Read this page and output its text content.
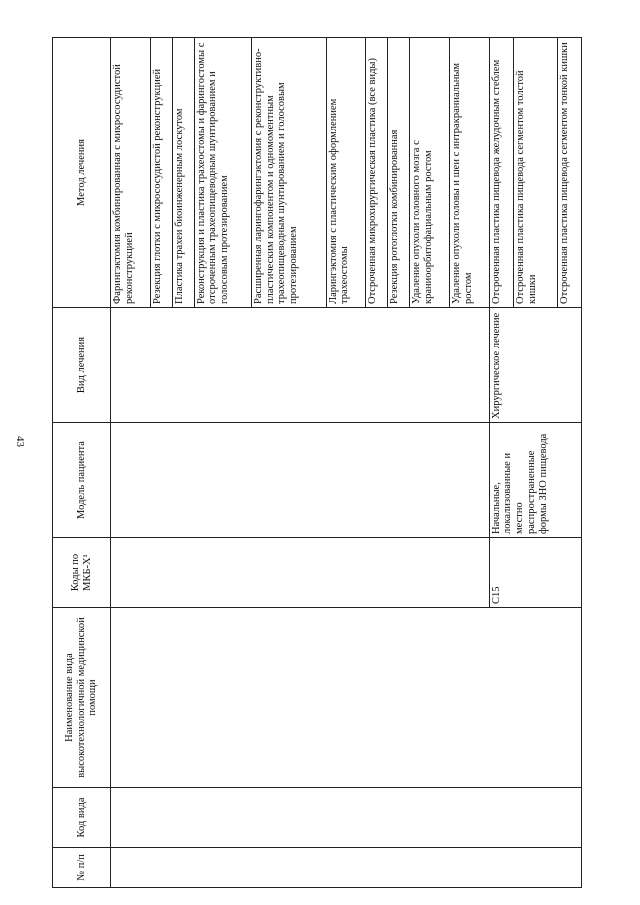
43
№ п/п	Код вида	Наименование вида высокотехнологичной медицинской помощи	Коды по МКБ-X¹	Модель пациента	Вид лечения	Метод лечения
						Фарингэктомия комбинированная с микрососудистой реконструкцией
						Резекция глотки с микрососудистой реконструкцией
						Пластика трахеи биоинженерным лоскутом
						Реконструкция и пластика трахеостомы и фарингостомы с отсроченным трахеопищеводным шунтированием и голосовым протезированием
						Расширенная ларингофарингэктомия с реконструктивно-пластическим компонентом и одномоментным трахеопищеводным шунтированием и голосовым протезированием
						Ларингэктомия с пластическим оформлением трахеостомы
						Отсроченная микрохирургическая пластика (все виды)
						Резекция ротоглотки комбинированная
						Удаление опухоли головного мозга с краниоорбитофациальным ростом
						Удаление опухоли головы и шеи с интракраниальным ростом
			C15	Начальные, локализованные и местно распространенные формы ЗНО пищевода	Хирургическое лечение	Отсроченная пластика пищевода желудочным стеблем
						Отсроченная пластика пищевода сегментом толстой кишки
						Отсроченная пластика пищевода сегментом тонкой кишки
